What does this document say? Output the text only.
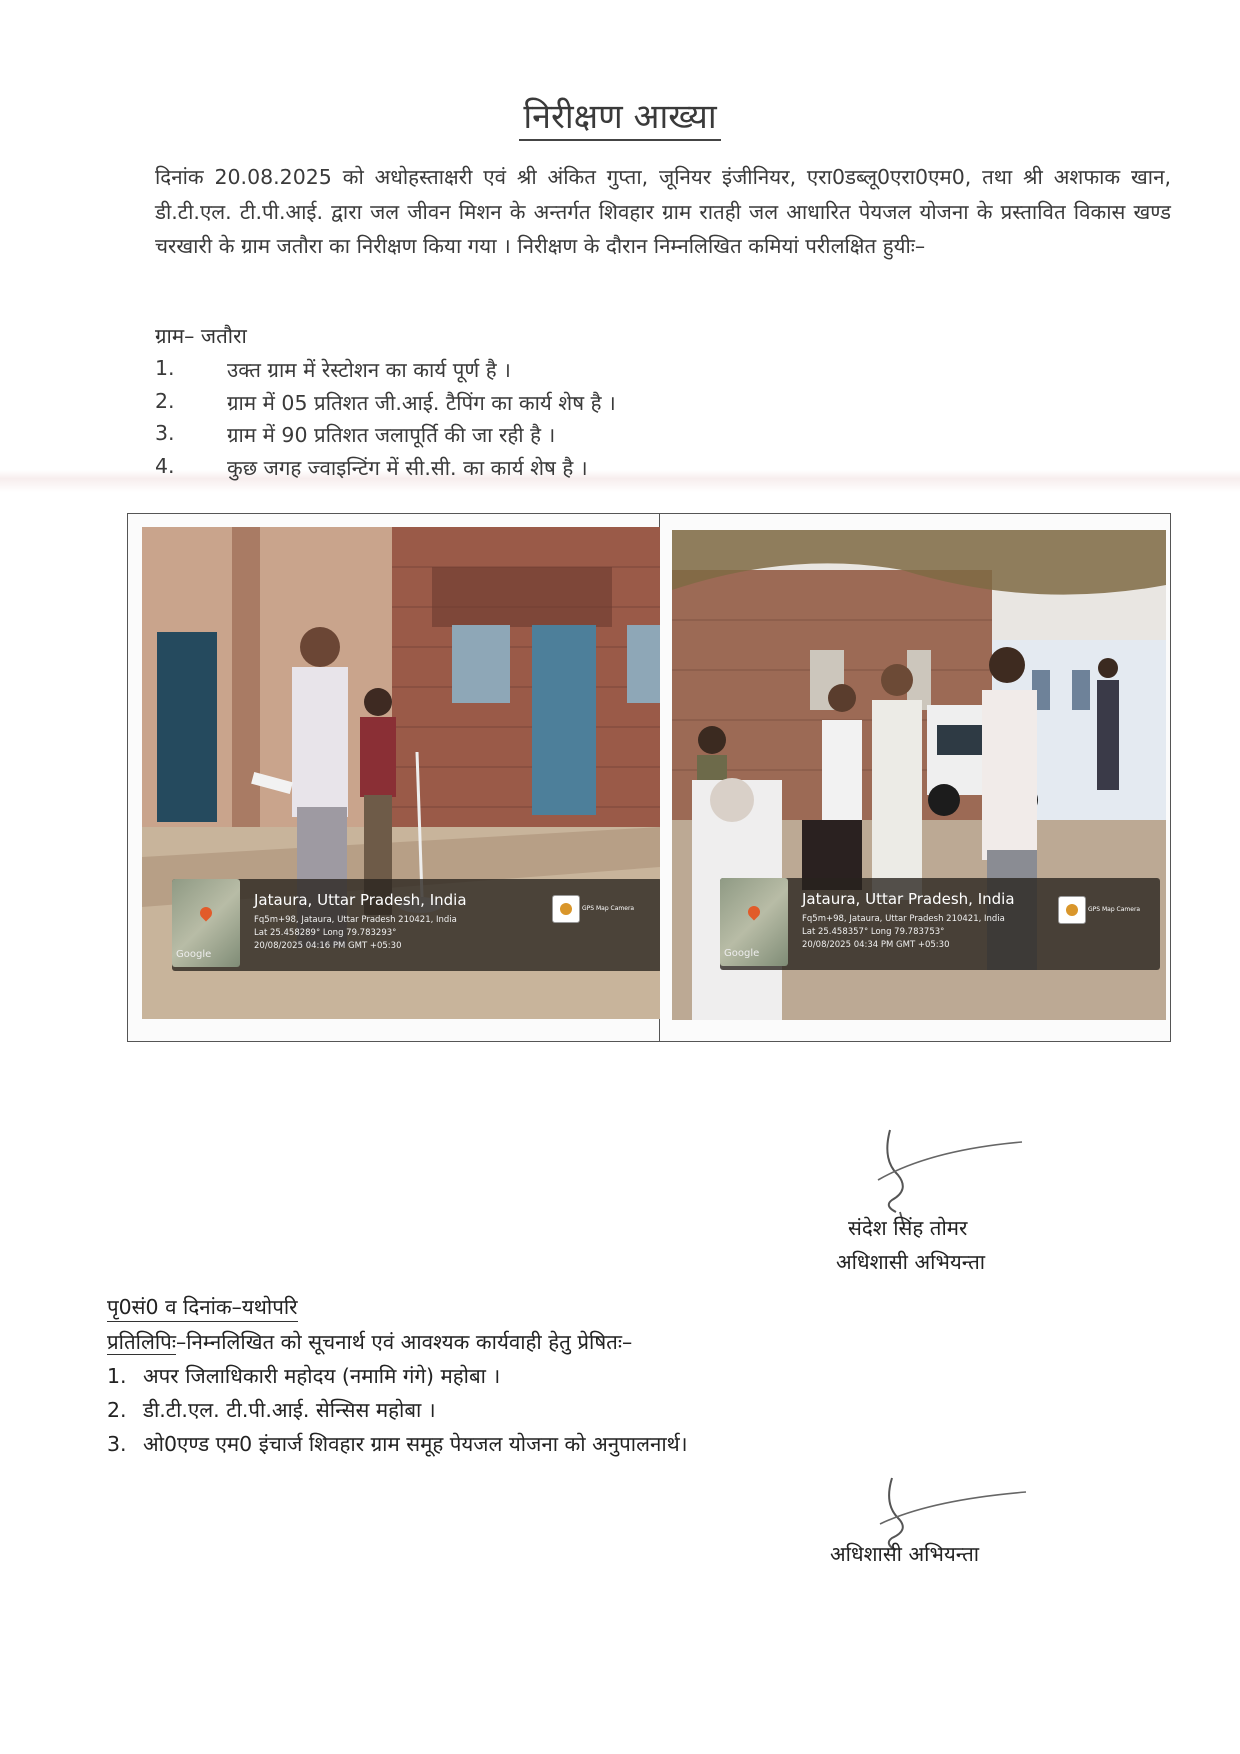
निरीक्षण आख्या
दिनांक 20.08.2025 को अधोहस्ताक्षरी एवं श्री अंकित गुप्ता, जूनियर इंजीनियर, एरा0डब्लू0एरा0एम0, तथा श्री अशफाक खान, डी.टी.एल. टी.पी.आई. द्वारा जल जीवन मिशन के अन्तर्गत शिवहार ग्राम रातही जल आधारित पेयजल योजना के प्रस्तावित विकास खण्ड चरखारी के ग्राम जतौरा का निरीक्षण किया गया । निरीक्षण के दौरान निम्नलिखित कमियां परीलक्षित हुयीः–
ग्राम– जतौरा
1.	उक्त ग्राम में रेस्टोशन का कार्य पूर्ण है ।
2.	ग्राम में 05 प्रतिशत जी.आई. टैपिंग का कार्य शेष है ।
3.	ग्राम में 90 प्रतिशत जलापूर्ति की जा रही है ।
4.	कुछ जगह ज्वाइन्टिंग में सी.सी. का कार्य शेष है ।
Google
Jataura, Uttar Pradesh, India
Fq5m+98, Jataura, Uttar Pradesh 210421, India
Lat 25.458289° Long 79.783293°
20/08/2025 04:16 PM GMT +05:30
GPS Map Camera
Google
Jataura, Uttar Pradesh, India
Fq5m+98, Jataura, Uttar Pradesh 210421, India
Lat 25.458357° Long 79.783753°
20/08/2025 04:34 PM GMT +05:30
GPS Map Camera
संदेश सिंह तोमर
अधिशासी अभियन्ता
पृ0सं0 व दिनांक–यथोपरि
प्रतिलिपिः–निम्नलिखित को सूचनार्थ एवं आवश्यक कार्यवाही हेतु प्रेषितः–
1. अपर जिलाधिकारी महोदय (नमामि गंगे) महोबा ।
2. डी.टी.एल. टी.पी.आई. सेन्सिस महोबा ।
3. ओ0एण्ड एम0 इंचार्ज शिवहार ग्राम समूह पेयजल योजना को अनुपालनार्थ।
अधिशासी अभियन्ता
